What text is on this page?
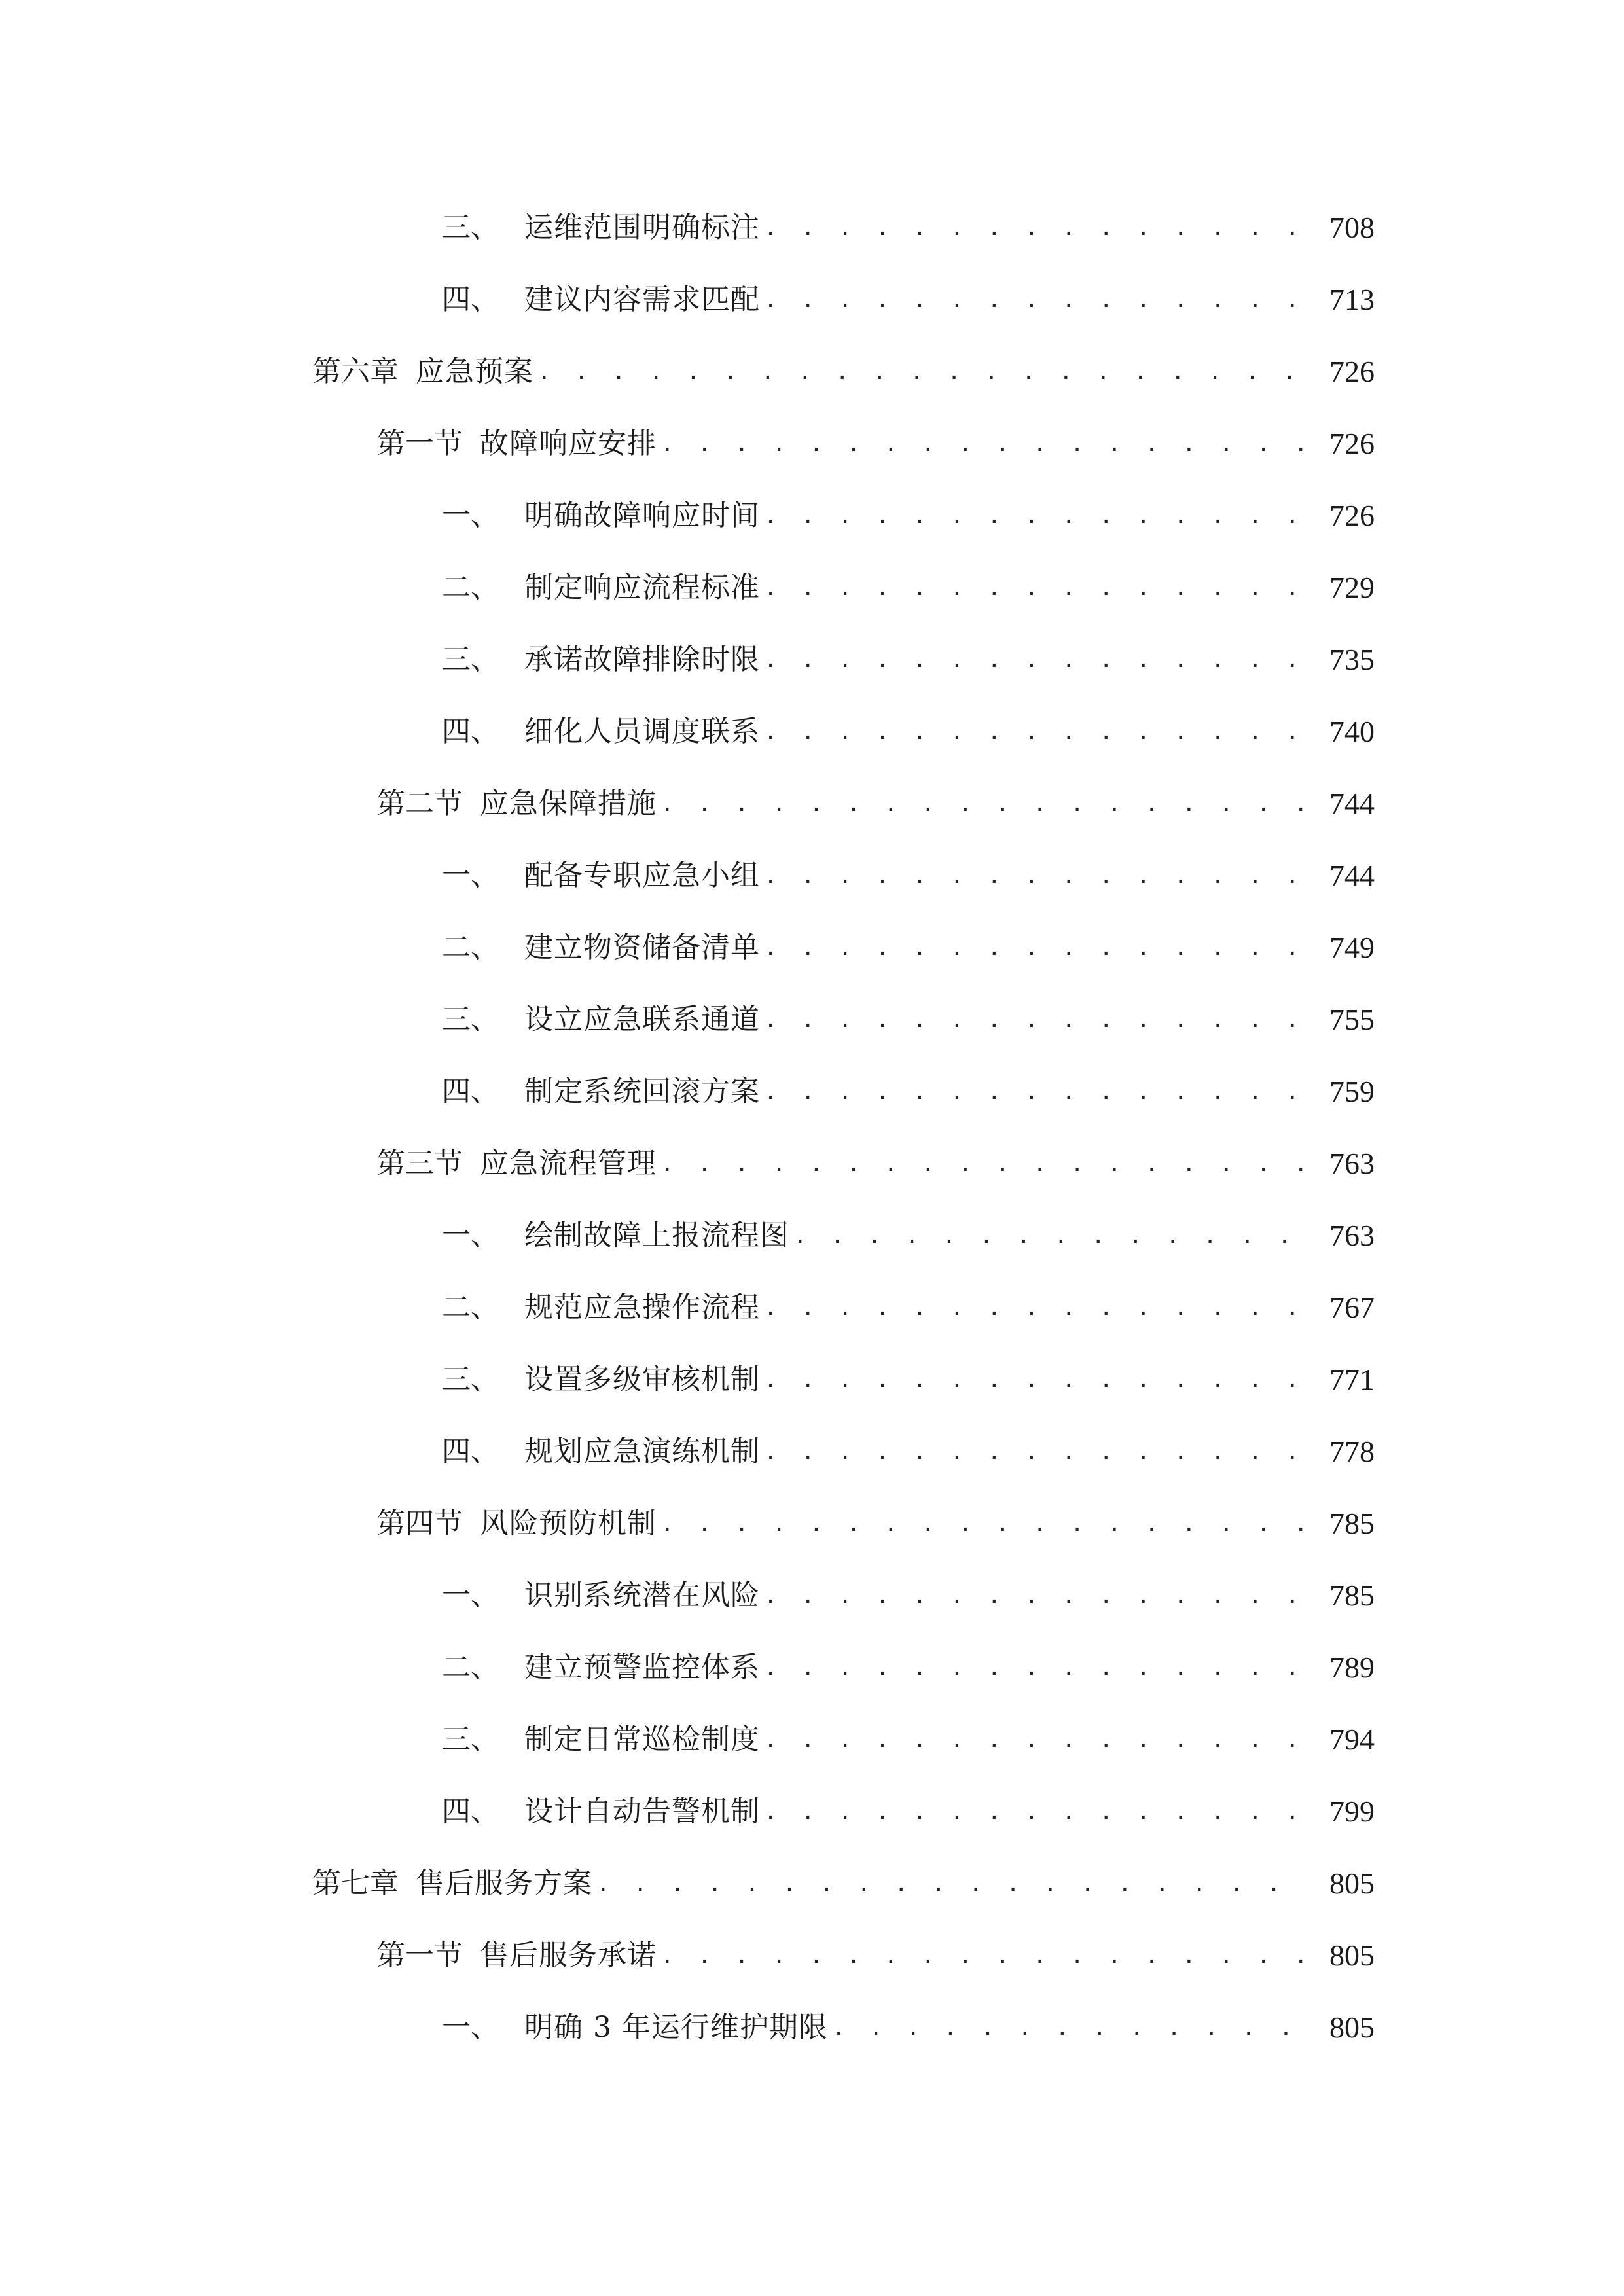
三、 运维范围明确标注 . . .	708
四、 建议内容需求匹配 . . .	713
第六章 应急预案 . . .	726
第一节 故障响应安排 . . .	726
一、 明确故障响应时间 . . .	726
二、 制定响应流程标准 . . .	729
三、 承诺故障排除时限 . . .	735
四、 细化人员调度联系 . . .	740
第二节 应急保障措施 . . .	744
一、 配备专职应急小组 . . .	744
二、 建立物资储备清单 . . .	749
三、 设立应急联系通道 . . .	755
四、 制定系统回滚方案 . . .	759
第三节 应急流程管理 . . .	763
一、 绘制故障上报流程图 . . .	763
二、 规范应急操作流程 . . .	767
三、 设置多级审核机制 . . .	771
四、 规划应急演练机制 . . .	778
第四节 风险预防机制 . . .	785
一、 识别系统潜在风险 . . .	785
二、 建立预警监控体系 . . .	789
三、 制定日常巡检制度 . . .	794
四、 设计自动告警机制 . . .	799
第七章 售后服务方案 . . .	805
第一节 售后服务承诺 . . .	805
一、 明确 3 年运行维护期限 . . .	805
